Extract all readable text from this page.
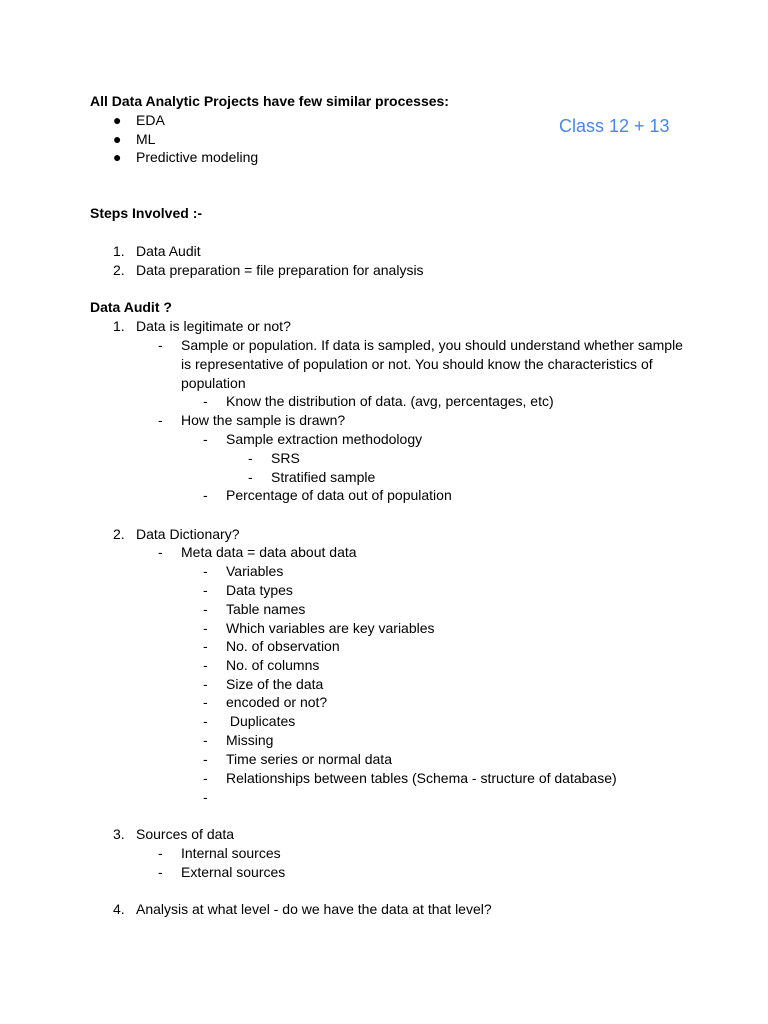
All Data Analytic Projects have few similar processes:
Class 12 + 13
● EDA
● ML
● Predictive modeling
Steps Involved :-
1. Data Audit
2. Data preparation = file preparation for analysis
Data Audit ?
1. Data is legitimate or not?
- Sample or population. If data is sampled, you should understand whether sample
is representative of population or not. You should know the characteristics of
population
- Know the distribution of data. (avg, percentages, etc)
- How the sample is drawn?
- Sample extraction methodology
- SRS
- Stratified sample
- Percentage of data out of population
2. Data Dictionary?
- Meta data = data about data
- Variables
- Data types
- Table names
- Which variables are key variables
- No. of observation
- No. of columns
- Size of the data
- encoded or not?
- Duplicates
- Missing
- Time series or normal data
- Relationships between tables (Schema - structure of database)
-
3. Sources of data
- Internal sources
- External sources
4. Analysis at what level - do we have the data at that level?
